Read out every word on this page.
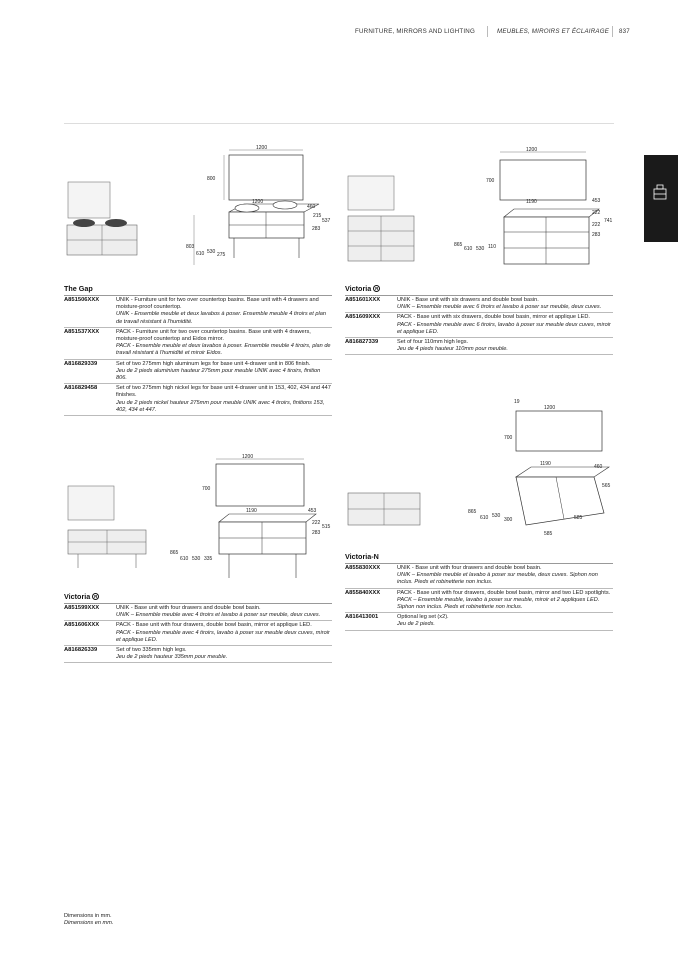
FURNITURE, MIRRORS AND LIGHTING	MEUBLES, MIROIRS ET ÉCLAIRAGE 837
1200
800
1200
460
215
537
283
803
610 530 275
The Gap
A851506XXX	UNIK - Furniture unit for two over countertop basins. Base unit with 4 drawers and moisture-proof countertop.
UNIK - Ensemble meuble et deux lavabos à poser. Ensemble meuble 4 tiroirs et plan de travail résistant à l'humidité.
A851537XXX	PACK - Furniture unit for two over countertop basins. Base unit with 4 drawers, moisture-proof countertop and Eidos mirror.
PACK - Ensemble meuble et deux lavabos à poser. Ensemble meuble 4 tiroirs, plan de travail résistant à l'humidité et miroir Eidos.
A816829339	Set of two 275mm high aluminum legs for base unit 4-drawer unit in 806 finish.
Jeu de 2 pieds aluminium hauteur 275mm pour meuble UNIK avec 4 tiroirs, finition 806.
A816829458	Set of two 275mm high nickel legs for base unit 4-drawer unit in 153, 402, 434 and 447 finishes.
Jeu de 2 pieds nickel hauteur 275mm pour meuble UNIK avec 4 tiroirs, finitions 153, 402, 434 et 447.
1200
700
1190	453
222
741
222
283
865
610 530 110
Victoria R
A851601XXX	UNIK - Base unit with six drawers and double bowl basin.
UNIK – Ensemble meuble avec 6 tiroirs et lavabo à poser sur meuble, deux cuves.
A851609XXX	PACK - Base unit with six drawers, double bowl basin, mirror et applique LED.
PACK - Ensemble meuble avec 6 tiroirs, lavabo à poser sur meuble deux cuves, miroir et applique LED.
A816827339	Set of four 110mm high legs.
Jeu de 4 pieds hauteur 110mm pour meuble.
1200
700
1190	453
222
515
283
865
610 530 335
Victoria R
A851599XXX	UNIK - Base unit with four drawers and double bowl basin.
UNIK – Ensemble meuble avec 4 tiroirs et lavabo à poser sur meuble, deux cuves.
A851606XXX	PACK - Base unit with four drawers, double bowl basin, mirror et applique LED.
PACK - Ensemble meuble avec 4 tiroirs, lavabo à poser sur meuble deux cuves, miroir et applique LED.
A816826339	Set of two 335mm high legs.
Jeu de 2 pieds hauteur 335mm pour meuble.
19
1200
700
1190	460
565
865
610 530
300	585
585
Victoria-N
A855830XXX	UNIK - Base unit with four drawers and double bowl basin.
UNIK – Ensemble meuble et lavabo à poser sur meuble, deux cuves. Siphon non inclus. Pieds et robinetterie non inclus.
A855840XXX	PACK - Base unit with four drawers, double bowl basin, mirror and two LED spotlights.
PACK – Ensemble meuble, lavabo à poser sur meuble, miroir et 2 appliques LED. Siphon non inclus. Pieds et robinetterie non inclus.
A816413001	Optional leg set (x2).
Jeu de 2 pieds.
Dimensions in mm.
Dimensions en mm.
